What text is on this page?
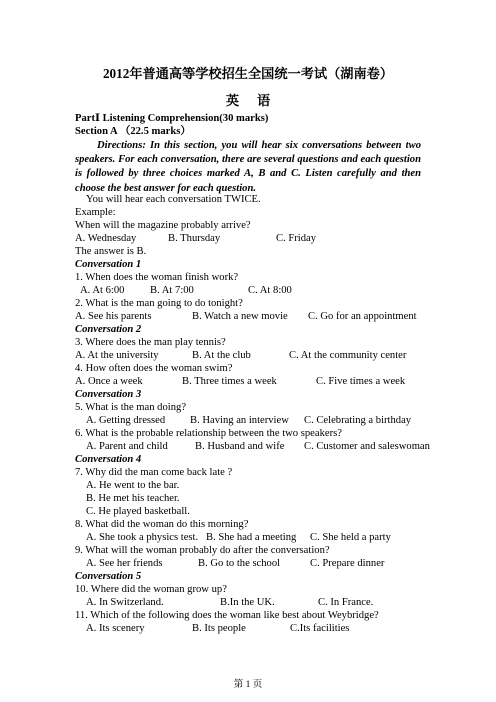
2012年普通高等学校招生全国统一考试（湖南卷）
英语
PartⅠ Listening Comprehension(30 marks)
Section A （22.5 marks）
Directions: In this section, you will hear six conversations between two speakers. For each conversation, there are several questions and each question is followed by three choices marked A, B and C. Listen carefully and then choose the best answer for each question.
You will hear each conversation TWICE.
Example:
When will the magazine probably arrive?
A. Wednesday	B. Thursday	C. Friday
The answer is B.
Conversation 1
1. When does the woman finish work?
A. At 6:00 B. At 7:00	C. At 8:00
2. What is the man going to do tonight?
A. See his parents	B. Watch a new movie C. Go for an appointment
Conversation 2
3. Where does the man play tennis?
A. At the university	B. At the club	C. At the community center
4. How often does the woman swim?
A. Once a week	B. Three times a week	C. Five times a week
Conversation 3
5. What is the man doing?
A. Getting dressed B. Having an interview C. Celebrating a birthday
6. What is the probable relationship between the two speakers?
A. Parent and child	B. Husband and wife C. Customer and saleswoman
Conversation 4
7. Why did the man come back late ?
A. He went to the bar.
B. He met his teacher.
C. He played basketball.
8. What did the woman do this morning?
A. She took a physics test. B. She had a meeting C. She held a party
9. What will the woman probably do after the conversation?
A. See her friends	B. Go to the school	C. Prepare dinner
Conversation 5
10. Where did the woman grow up?
A. In Switzerland.	B.In the UK.	C. In France.
11. Which of the following does the woman like best about Weybridge?
A. Its scenery	B. Its people	C.Its facilities
第 1 页
